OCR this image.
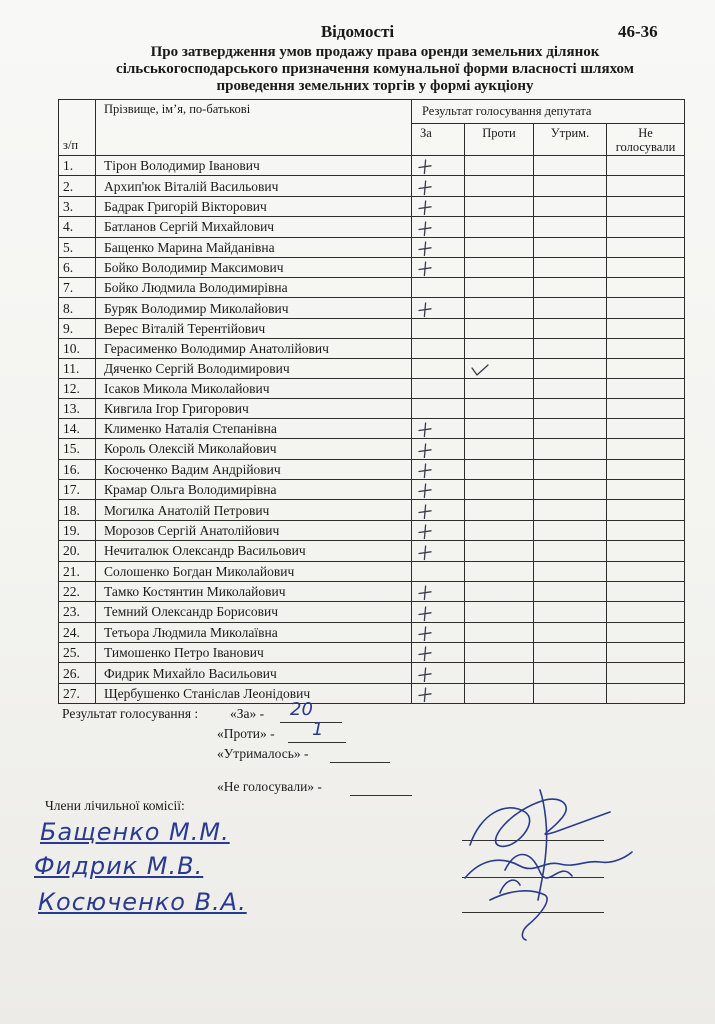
Відомості	46-36
Про затвердження умов продажу права оренди земельних ділянок
сільськогосподарського призначення комунальної форми власності шляхом
проведення земельних торгів у формі аукціону
з/п	Прізвище, ім’я, по-батькові	Результат голосування депутата			
		За	Проти	Утрим.	Не
голосували

1.	Тірон Володимир Іванович	

2.	Архип'юк Віталій Васильович	

3.	Бадрак Григорій Вікторович	

4.	Батланов Сергій Михайлович	

5.	Бащенко Марина Майданівна	

6.	Бойко Володимир Максимович	

7.	Бойко Людмила Володимирівна				
8.	Буряк Володимир Миколайович	

9.	Верес Віталій Терентійович				
10.	Герасименко Володимир Анатолійович				
11.	Дяченко Сергій Володимирович		

12.	Ісаков Микола Миколайович				
13.	Кивгила Ігор Григорович				
14.	Клименко Наталія Степанівна	

15.	Король Олексій Миколайович	

16.	Косюченко Вадим Андрійович	

17.	Крамар Ольга Володимирівна	

18.	Могилка Анатолій Петрович	

19.	Морозов Сергій Анатолійович	

20.	Нечиталюк Олександр Васильович	

21.	Солошенко Богдан Миколайович				
22.	Тамко Костянтин Миколайович	

23.	Темний Олександр Борисович	

24.	Тетьора Людмила Миколаївна	

25.	Тимошенко Петро Іванович	

26.	Фидрик Михайло Васильович	

27.	Щербушенко Станіслав Леонідович	

Результат голосування : «За» - 20
«Проти» - 1
«Утрималось» -
«Не голосували» -
Члени лічильної комісії:
Бащенко М.М.
Фидрик М.В.
Косюченко В.А.
